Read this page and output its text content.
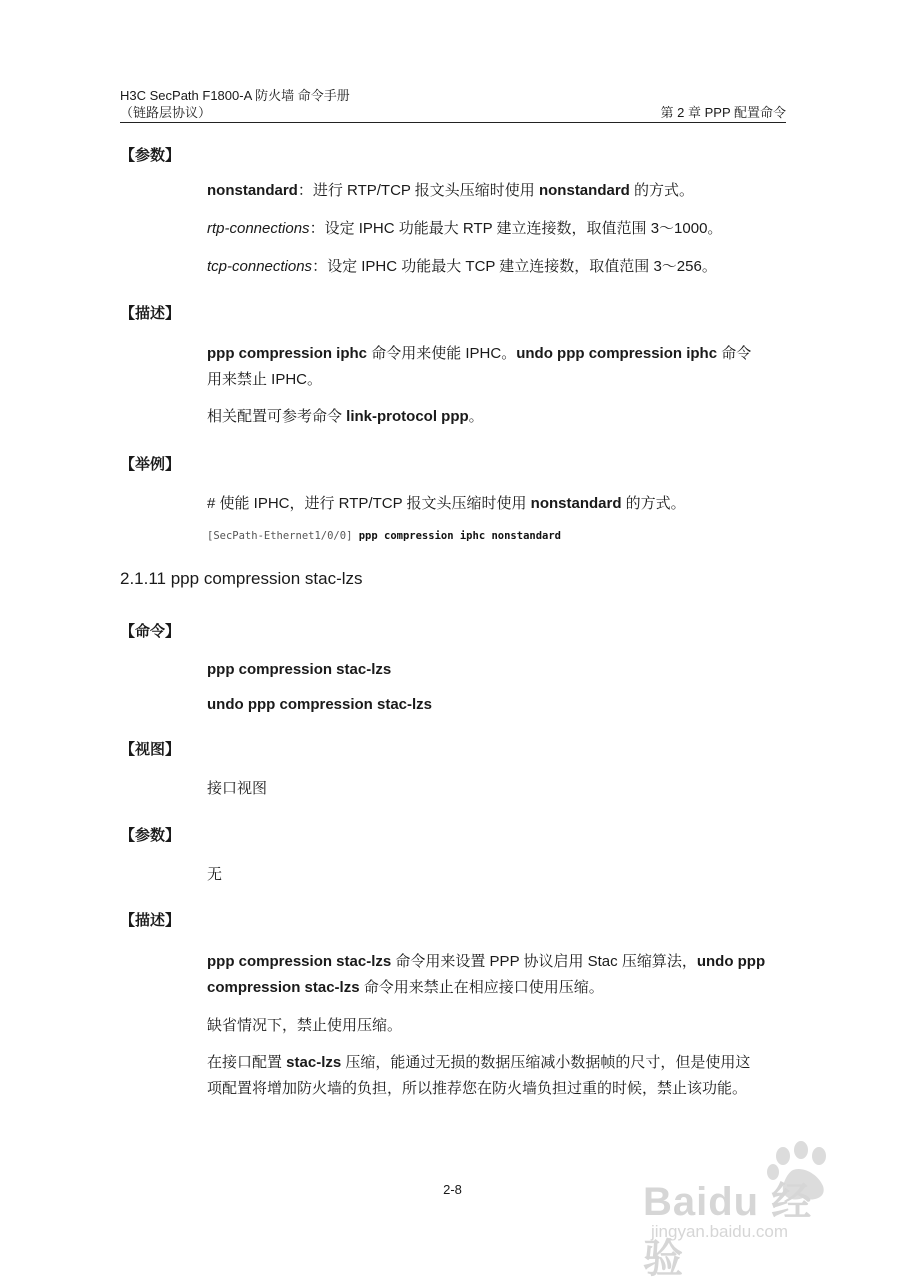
H3C SecPath F1800-A 防火墙 命令手册
（链路层协议）	第 2 章 PPP 配置命令
【参数】
nonstandard：进行 RTP/TCP 报文头压缩时使用 nonstandard 的方式。
rtp-connections：设定 IPHC 功能最大 RTP 建立连接数，取值范围 3～1000。
tcp-connections：设定 IPHC 功能最大 TCP 建立连接数，取值范围 3～256。
【描述】
ppp compression iphc 命令用来使能 IPHC。undo ppp compression iphc 命令
用来禁止 IPHC。
相关配置可参考命令 link-protocol ppp。
【举例】
# 使能 IPHC，进行 RTP/TCP 报文头压缩时使用 nonstandard 的方式。
[SecPath-Ethernet1/0/0] ppp compression iphc nonstandard
2.1.11 ppp compression stac-lzs
【命令】
ppp compression stac-lzs
undo ppp compression stac-lzs
【视图】
接口视图
【参数】
无
【描述】
ppp compression stac-lzs 命令用来设置 PPP 协议启用 Stac 压缩算法，undo ppp
compression stac-lzs 命令用来禁止在相应接口使用压缩。
缺省情况下，禁止使用压缩。
在接口配置 stac-lzs 压缩，能通过无损的数据压缩减小数据帧的尺寸，但是使用这
项配置将增加防火墙的负担，所以推荐您在防火墙负担过重的时候，禁止该功能。
2-8	Baidu 经验
jingyan.baidu.com
